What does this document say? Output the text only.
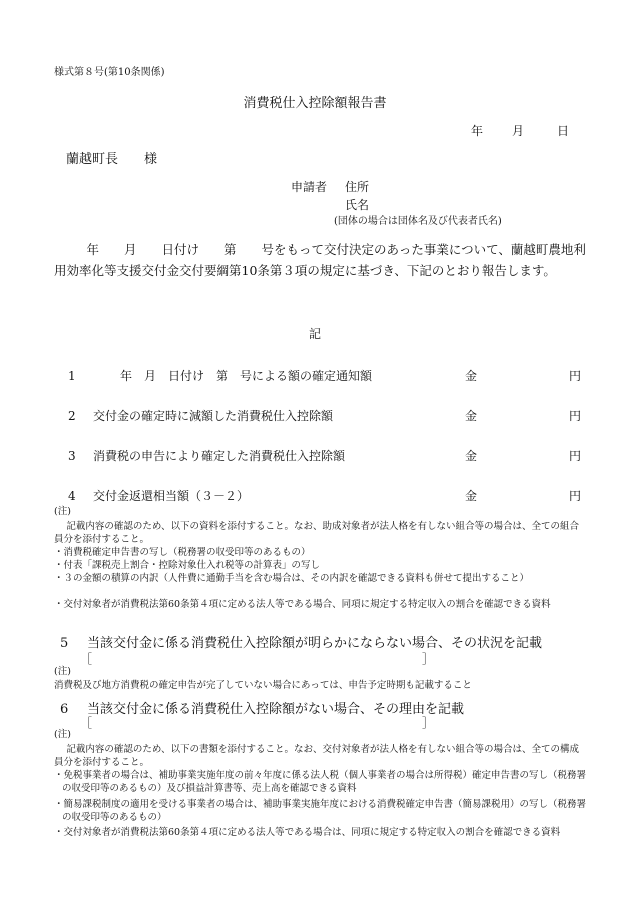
様式第８号(第10条関係)
消費税仕入控除額報告書
年 月	日
蘭越町長　　様
申請者 住所
氏名
(団体の場合は団体名及び代表者氏名)
年　　月　　日付け　　第　　号をもって交付決定のあった事業について、蘭越町農地利用効率化等支援交付金交付要綱第10条第３項の規定に基づき、下記のとおり報告します。
記
1	年　月　日付け　第　号による額の確定通知額	金	円
2 交付金の確定時に減額した消費税仕入控除額	金	円
3 消費税の申告により確定した消費税仕入控除額	金	円
4 交付金返還相当額（３－２）	金	円
(注)
記載内容の確認のため、以下の資料を添付すること。なお、助成対象者が法人格を有しない組合等の場合は、全ての組合員分を添付すること。
・消費税確定申告書の写し（税務署の収受印等のあるもの）
・付表「課税売上割合・控除対象仕入れ税等の計算表」の写し
・３の金額の積算の内訳（人件費に通勤手当を含む場合は、その内訳を確認できる資料も併せて提出すること）
・交付対象者が消費税法第60条第４項に定める法人等である場合、同項に規定する特定収入の割合を確認できる資料
5 当該交付金に係る消費税仕入控除額が明らかにならない場合、その状況を記載
［	］
(注)
消費税及び地方消費税の確定申告が完了していない場合にあっては、申告予定時期も記載すること
6 当該交付金に係る消費税仕入控除額がない場合、その理由を記載
［	］
(注)
記載内容の確認のため、以下の書類を添付すること。なお、交付対象者が法人格を有しない組合等の場合は、全ての構成員分を添付すること。
・免税事業者の場合は、補助事業実施年度の前々年度に係る法人税（個人事業者の場合は所得税）確定申告書の写し（税務署の収受印等のあるもの）及び損益計算書等、売上高を確認できる資料
・簡易課税制度の適用を受ける事業者の場合は、補助事業実施年度における消費税確定申告書（簡易課税用）の写し（税務署の収受印等のあるもの）
・交付対象者が消費税法第60条第４項に定める法人等である場合は、同項に規定する特定収入の割合を確認できる資料
